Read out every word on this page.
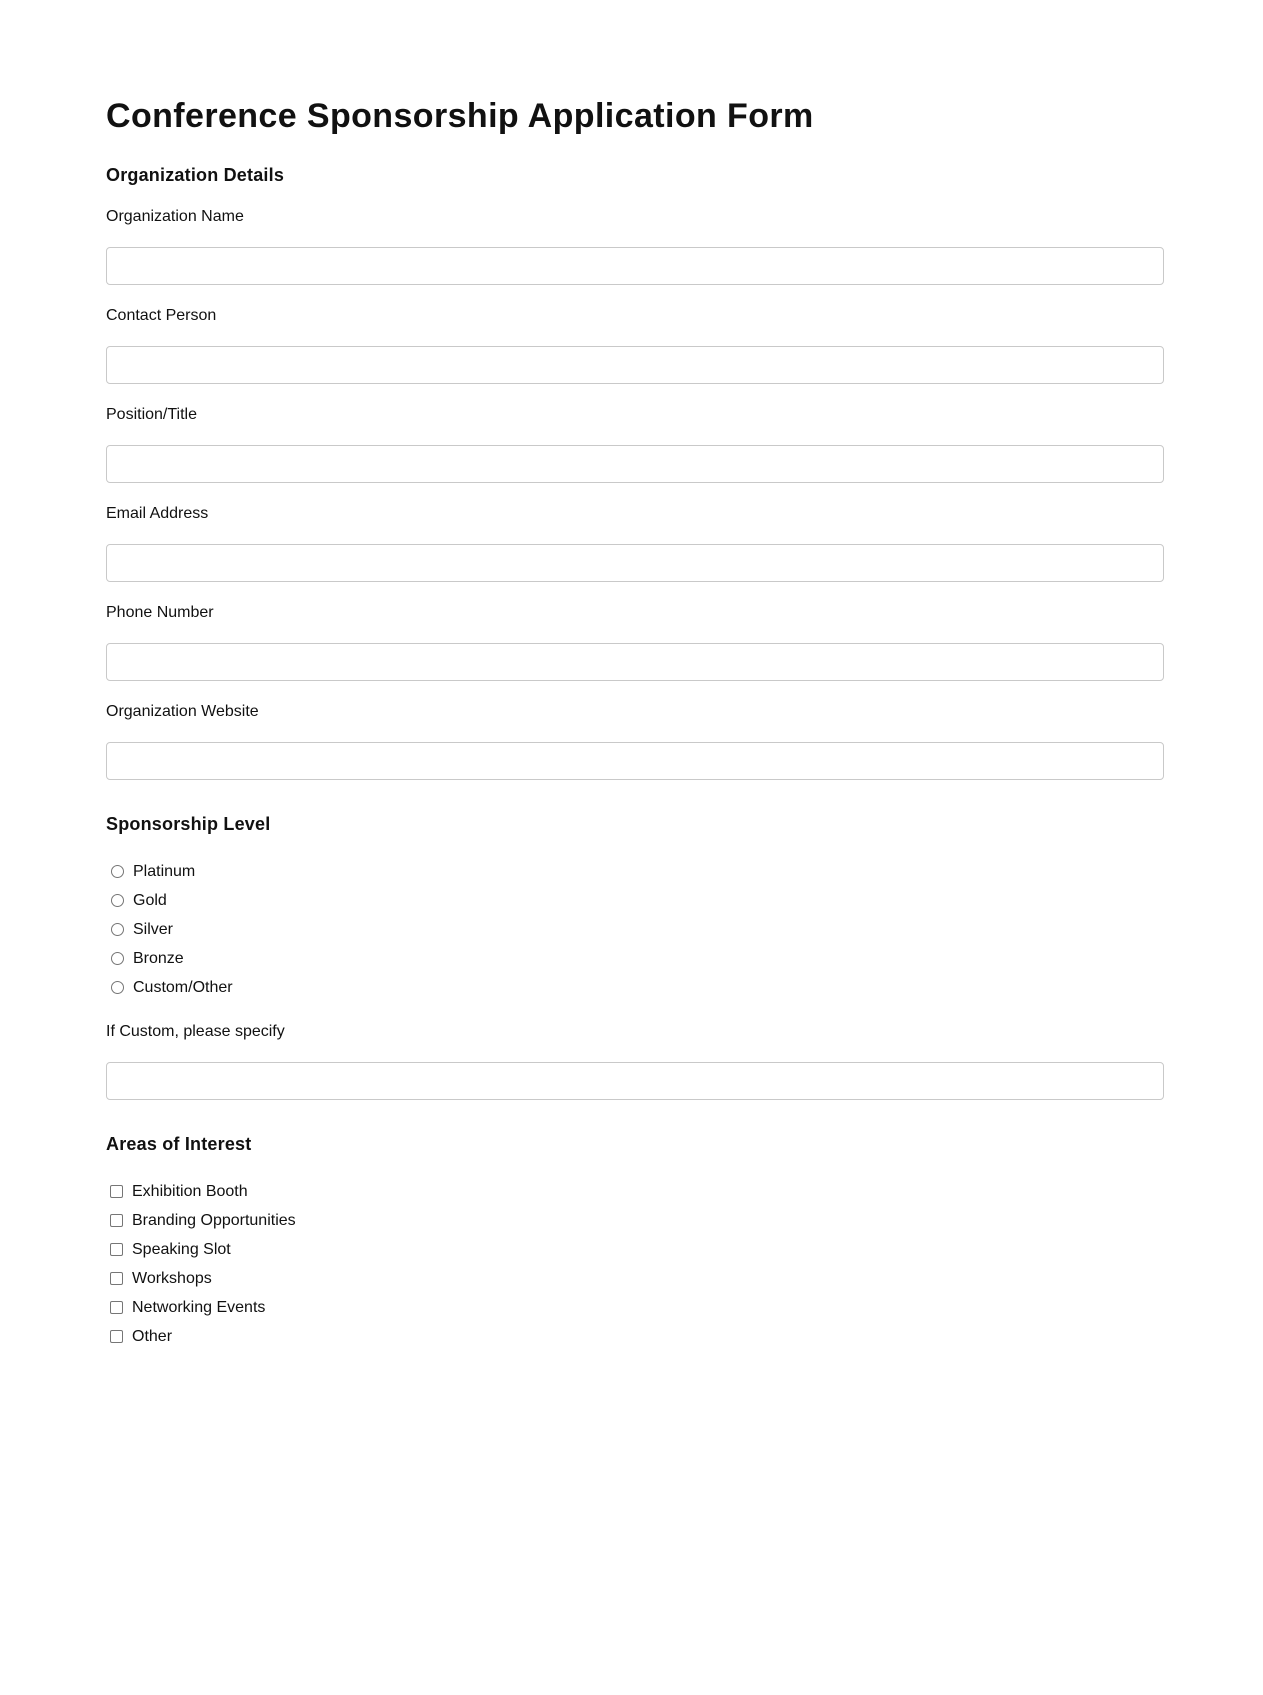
Conference Sponsorship Application Form
Organization Details
Organization Name
Contact Person
Position/Title
Email Address
Phone Number
Organization Website
Sponsorship Level
Platinum
Gold
Silver
Bronze
Custom/Other
If Custom, please specify
Areas of Interest
Exhibition Booth
Branding Opportunities
Speaking Slot
Workshops
Networking Events
Other
